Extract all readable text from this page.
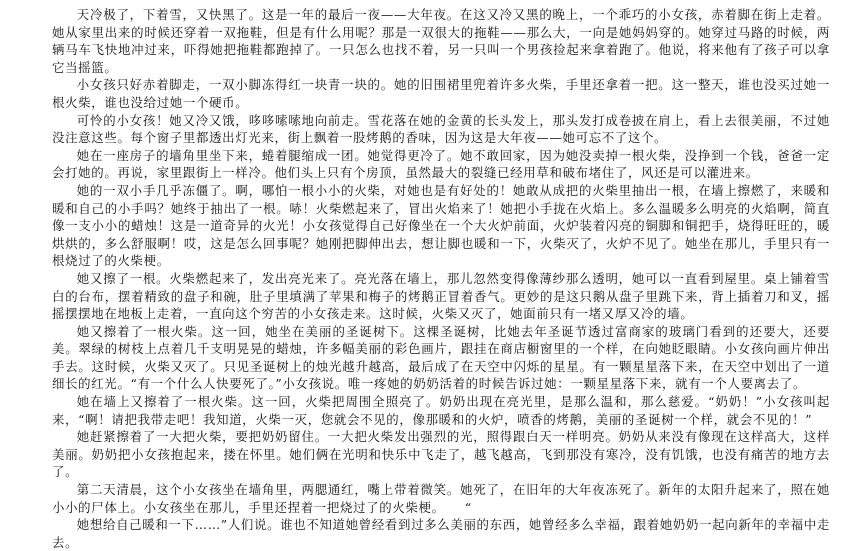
天冷极了，下着雪，又快黑了。这是一年的最后一夜——大年夜。在这又冷又黑的晚上，一个乖巧的小女孩，赤着脚在街上走着。她从家里出来的时候还穿着一双拖鞋，但是有什么用呢？那是一双很大的拖鞋——那么大，一向是她妈妈穿的。她穿过马路的时候，两辆马车飞快地冲过来，吓得她把拖鞋都跑掉了。一只怎么也找不着，另一只叫一个男孩捡起来拿着跑了。他说，将来他有了孩子可以拿它当摇篮。

小女孩只好赤着脚走，一双小脚冻得红一块青一块的。她的旧围裙里兜着许多火柴，手里还拿着一把。这一整天，谁也没买过她一根火柴，谁也没给过她一个硬币。

可怜的小女孩！她又冷又饿，哆哆嗦嗦地向前走。雪花落在她的金黄的长头发上，那头发打成卷披在肩上，看上去很美丽，不过她没注意这些。每个窗子里都透出灯光来，街上飘着一股烤鹅的香味，因为这是大年夜——她可忘不了这个。

她在一座房子的墙角里坐下来，蜷着腿缩成一团。她觉得更冷了。她不敢回家，因为她没卖掉一根火柴，没挣到一个钱，爸爸一定会打她的。再说，家里跟街上一样冷。他们头上只有个房顶，虽然最大的裂缝已经用草和破布堵住了，风还是可以灌进来。

她的一双小手几乎冻僵了。啊，哪怕一根小小的火柴，对她也是有好处的！她敢从成把的火柴里抽出一根，在墙上擦燃了，来暖和暖和自己的小手吗？她终于抽出了一根。哧！火柴燃起来了，冒出火焰来了！她把小手拢在火焰上。多么温暖多么明亮的火焰啊，简直像一支小小的蜡烛！这是一道奇异的火光！小女孩觉得自己好像坐在一个大火炉前面，火炉装着闪亮的铜脚和铜把手，烧得旺旺的，暖烘烘的，多么舒服啊！哎，这是怎么回事呢？她刚把脚伸出去，想让脚也暖和一下，火柴灭了，火炉不见了。她坐在那儿，手里只有一根烧过了的火柴梗。

她又擦了一根。火柴燃起来了，发出亮光来了。亮光落在墙上，那儿忽然变得像薄纱那么透明，她可以一直看到屋里。桌上铺着雪白的台布，摆着精致的盘子和碗，肚子里填满了苹果和梅子的烤鹅正冒着香气。更妙的是这只鹅从盘子里跳下来，背上插着刀和叉，摇摇摆摆地在地板上走着，一直向这个穷苦的小女孩走来。这时候，火柴又灭了，她面前只有一堵又厚又冷的墙。

她又擦着了一根火柴。这一回，她坐在美丽的圣诞树下。这棵圣诞树，比她去年圣诞节透过富商家的玻璃门看到的还要大，还要美。翠绿的树枝上点着几千支明晃晃的蜡烛，许多幅美丽的彩色画片，跟挂在商店橱窗里的一个样，在向她眨眼睛。小女孩向画片伸出手去。这时候，火柴又灭了。只见圣诞树上的烛光越升越高，最后成了在天空中闪烁的星星。有一颗星星落下来，在天空中划出了一道细长的红光。“有一个什么人快要死了。”小女孩说。唯一疼她的奶奶活着的时候告诉过她：一颗星星落下来，就有一个人要离去了。

她在墙上又擦着了一根火柴。这一回，火柴把周围全照亮了。奶奶出现在亮光里，是那么温和，那么慈爱。“奶奶！”小女孩叫起来，“啊！请把我带走吧！我知道，火柴一灭，您就会不见的，像那暖和的火炉，喷香的烤鹅，美丽的圣诞树一个样，就会不见的！”

她赶紧擦着了一大把火柴，要把奶奶留住。一大把火柴发出强烈的光，照得跟白天一样明亮。奶奶从来没有像现在这样高大，这样美丽。奶奶把小女孩抱起来，搂在怀里。她们俩在光明和快乐中飞走了，越飞越高，飞到那没有寒冷，没有饥饿，也没有痛苦的地方去了。

第二天清晨，这个小女孩坐在墙角里，两腮通红，嘴上带着微笑。她死了，在旧年的大年夜冻死了。新年的太阳升起来了，照在她小小的尸体上。小女孩坐在那儿，手里还捏着一把烧过了的火柴梗。　　“

她想给自己暖和一下……”人们说。谁也不知道她曾经看到过多么美丽的东西，她曾经多么幸福，跟着她奶奶一起向新年的幸福中走去。
